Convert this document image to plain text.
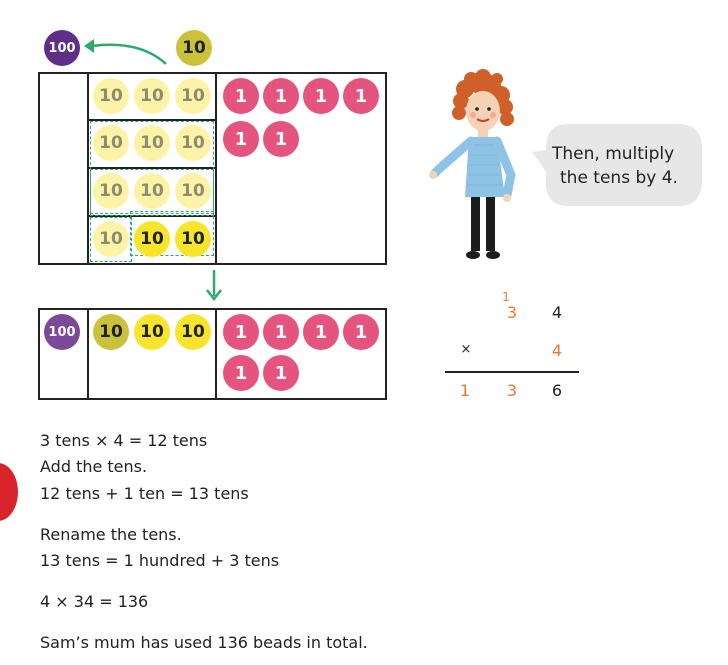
100	10
10	10	10
10	10	10
10	10	10
10	10	10
1	1	1	1
1	1
100	10	10	10	1	1	1	1
1	1
Then, multiply
the tens by 4.
1
3	4
×	4
1	3	6
3 tens × 4 = 12 tens
Add the tens.
12 tens + 1 ten = 13 tens
Rename the tens.
13 tens = 1 hundred + 3 tens
4 × 34 = 136
Sam’s mum has used 136 beads in total.
